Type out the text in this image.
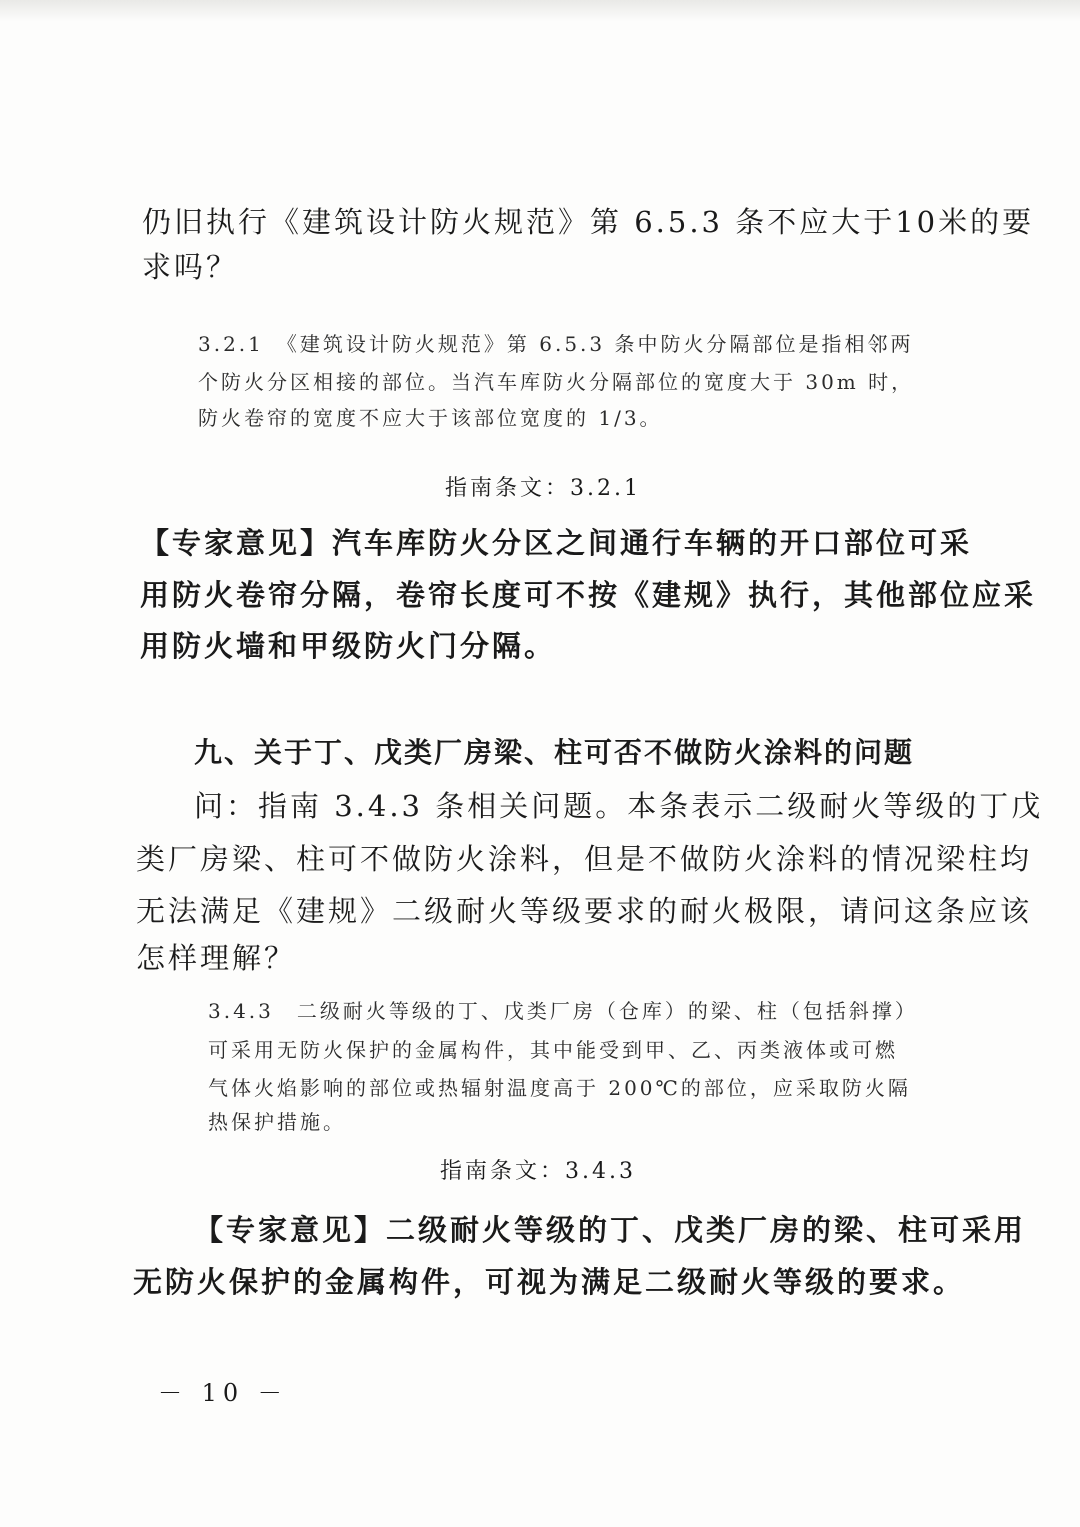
仍旧执行《建筑设计防火规范》第 6.5.3 条不应大于10米的要
求吗？
3.2.1　《建筑设计防火规范》第 6.5.3 条中防火分隔部位是指相邻两
个防火分区相接的部位。当汽车库防火分隔部位的宽度大于 30m 时，
防火卷帘的宽度不应大于该部位宽度的 1/3。
指南条文：3.2.1
【专家意见】汽车库防火分区之间通行车辆的开口部位可采
用防火卷帘分隔，卷帘长度可不按《建规》执行，其他部位应采
用防火墙和甲级防火门分隔。
九、关于丁、戊类厂房梁、柱可否不做防火涂料的问题
问：指南 3.4.3 条相关问题。本条表示二级耐火等级的丁戊
类厂房梁、柱可不做防火涂料，但是不做防火涂料的情况梁柱均
无法满足《建规》二级耐火等级要求的耐火极限，请问这条应该
怎样理解？
3.4.3　二级耐火等级的丁、戊类厂房（仓库）的梁、柱（包括斜撑）
可采用无防火保护的金属构件，其中能受到甲、乙、丙类液体或可燃
气体火焰影响的部位或热辐射温度高于 200℃的部位，应采取防火隔
热保护措施。
指南条文：3.4.3
【专家意见】二级耐火等级的丁、戊类厂房的梁、柱可采用
无防火保护的金属构件，可视为满足二级耐火等级的要求。
－ 10 －
